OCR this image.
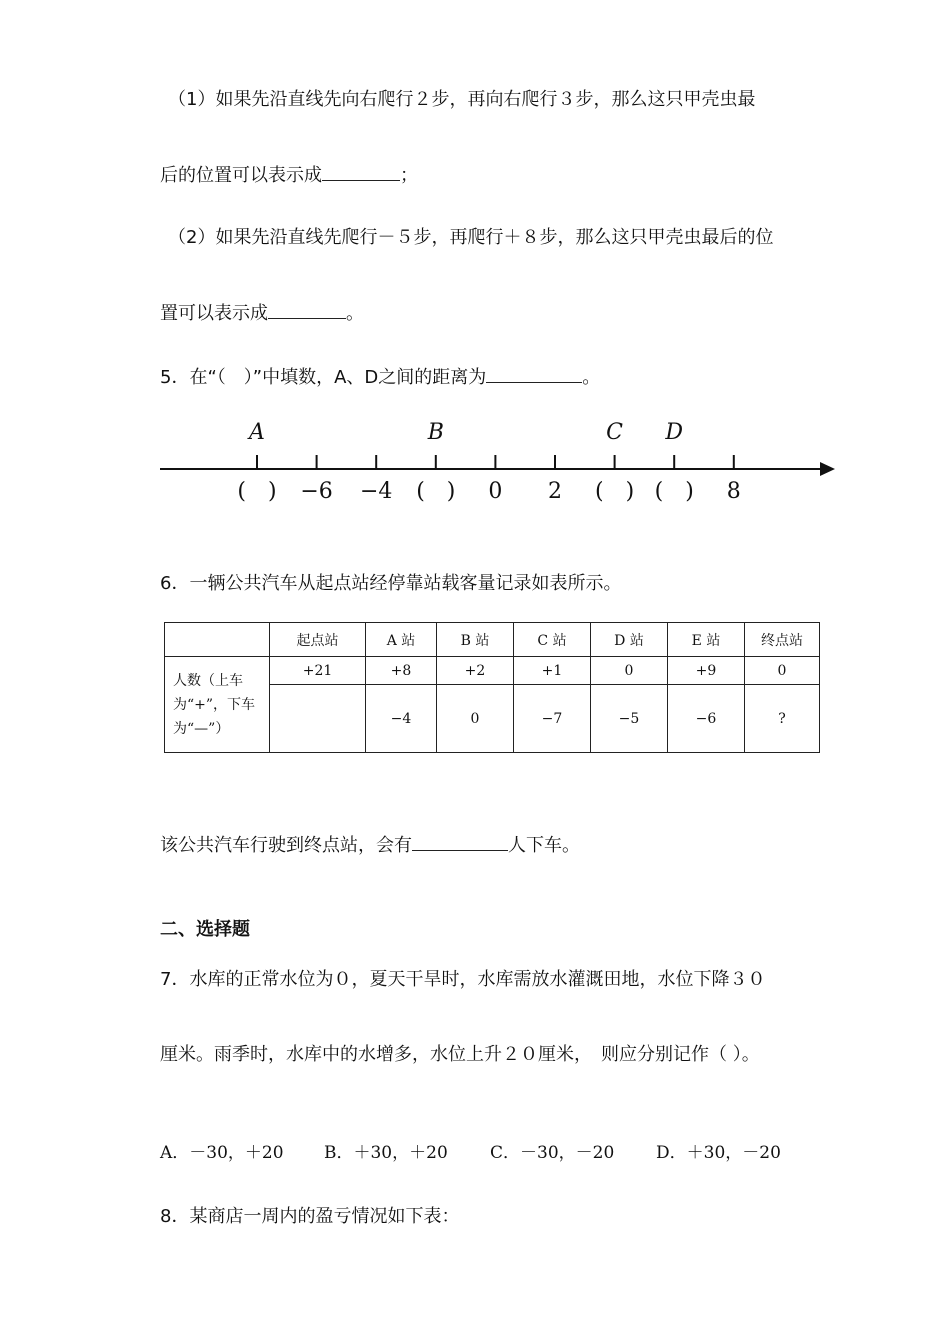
（1）如果先沿直线先向右爬行２步，再向右爬行３步，那么这只甲壳虫最
后的位置可以表示成	；
（2）如果先沿直线先爬行－５步，再爬行＋８步，那么这只甲壳虫最后的位
置可以表示成	。
5．在“（　）”中填数，A、D之间的距离为	。
(　) −6 −4 (　) 0 2 (　) (　) 8
A	B	C D
6．一辆公共汽车从起点站经停靠站载客量记录如表所示。
	起点站	A 站	B 站	C 站	D 站	E 站	终点站
人数（上车为“+”，下车为“—”）	+21	+8	+2	+1	0	+9	0
		−4	0	−7	−5	−6	?
该公共汽车行驶到终点站，会有	人下车。
二、选择题
7．水库的正常水位为０，夏天干旱时，水库需放水灌溉田地，水位下降３０
厘米。雨季时，水库中的水增多，水位上升２０厘米，　则应分别记作（ ）。
A．－30，＋20 B．＋30，＋20 C．－30，－20 D．＋30，－20
8．某商店一周内的盈亏情况如下表：
